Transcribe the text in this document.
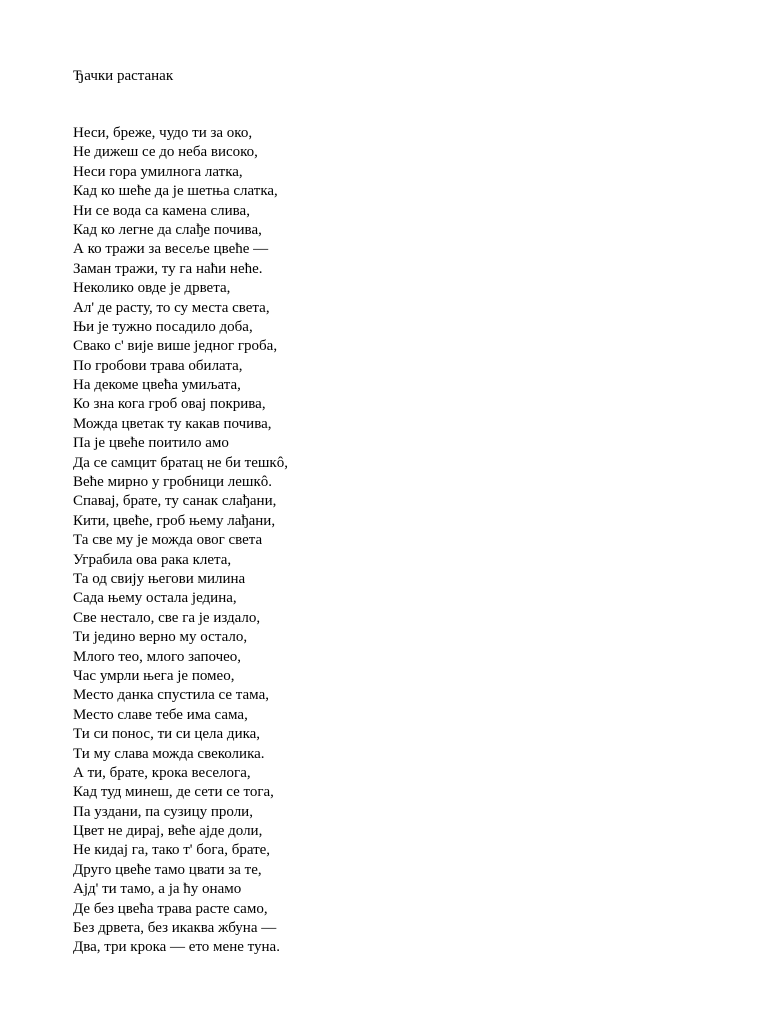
Ђачки растанак
Неси, бреже, чудо ти за око,
Не дижеш се до неба високо,
Неси гора умилнога латка,
Кад ко шеће да је шетња слатка,
Ни се вода са камена слива,
Кад ко легне да слађе почива,
А ко тражи за весеље цвеће —
Заман тражи, ту га наћи неће.
Неколико овде је дрвета,
Ал' де расту, то су места света,
Њи је тужно посадило доба,
Свако с' вије више једног гроба,
По гробови трава обилата,
На декоме цвећа умиљата,
Ко зна кога гроб овај покрива,
Можда цветак ту какав почива,
Па је цвеће поитило амо
Да се самцит братац не би тешкô,
Веће мирно у гробници лешкô.
Спавај, брате, ту санак слађани,
Кити, цвеће, гроб њему лађани,
Та све му је можда овог света
Уграбила ова рака клета,
Та од свију његови милина
Сада њему остала једина,
Све нестало, све га је издало,
Ти једино верно му остало,
Млого тео, млого започео,
Час умрли њега је помео,
Место данка спустила се тама,
Место славе тебе има сама,
Ти си понос, ти си цела дика,
Ти му слава можда свеколика.
А ти, брате, крока веселога,
Кад туд минеш, де сети се тога,
Па уздани, па сузицу проли,
Цвет не дирај, веће ајде доли,
Не кидај га, тако т' бога, брате,
Друго цвеће тамо цвати за те,
Ајд' ти тамо, а ја ћу онамо
Де без цвећа трава расте само,
Без дрвета, без икаква жбуна —
Два, три крока — ето мене туна.
